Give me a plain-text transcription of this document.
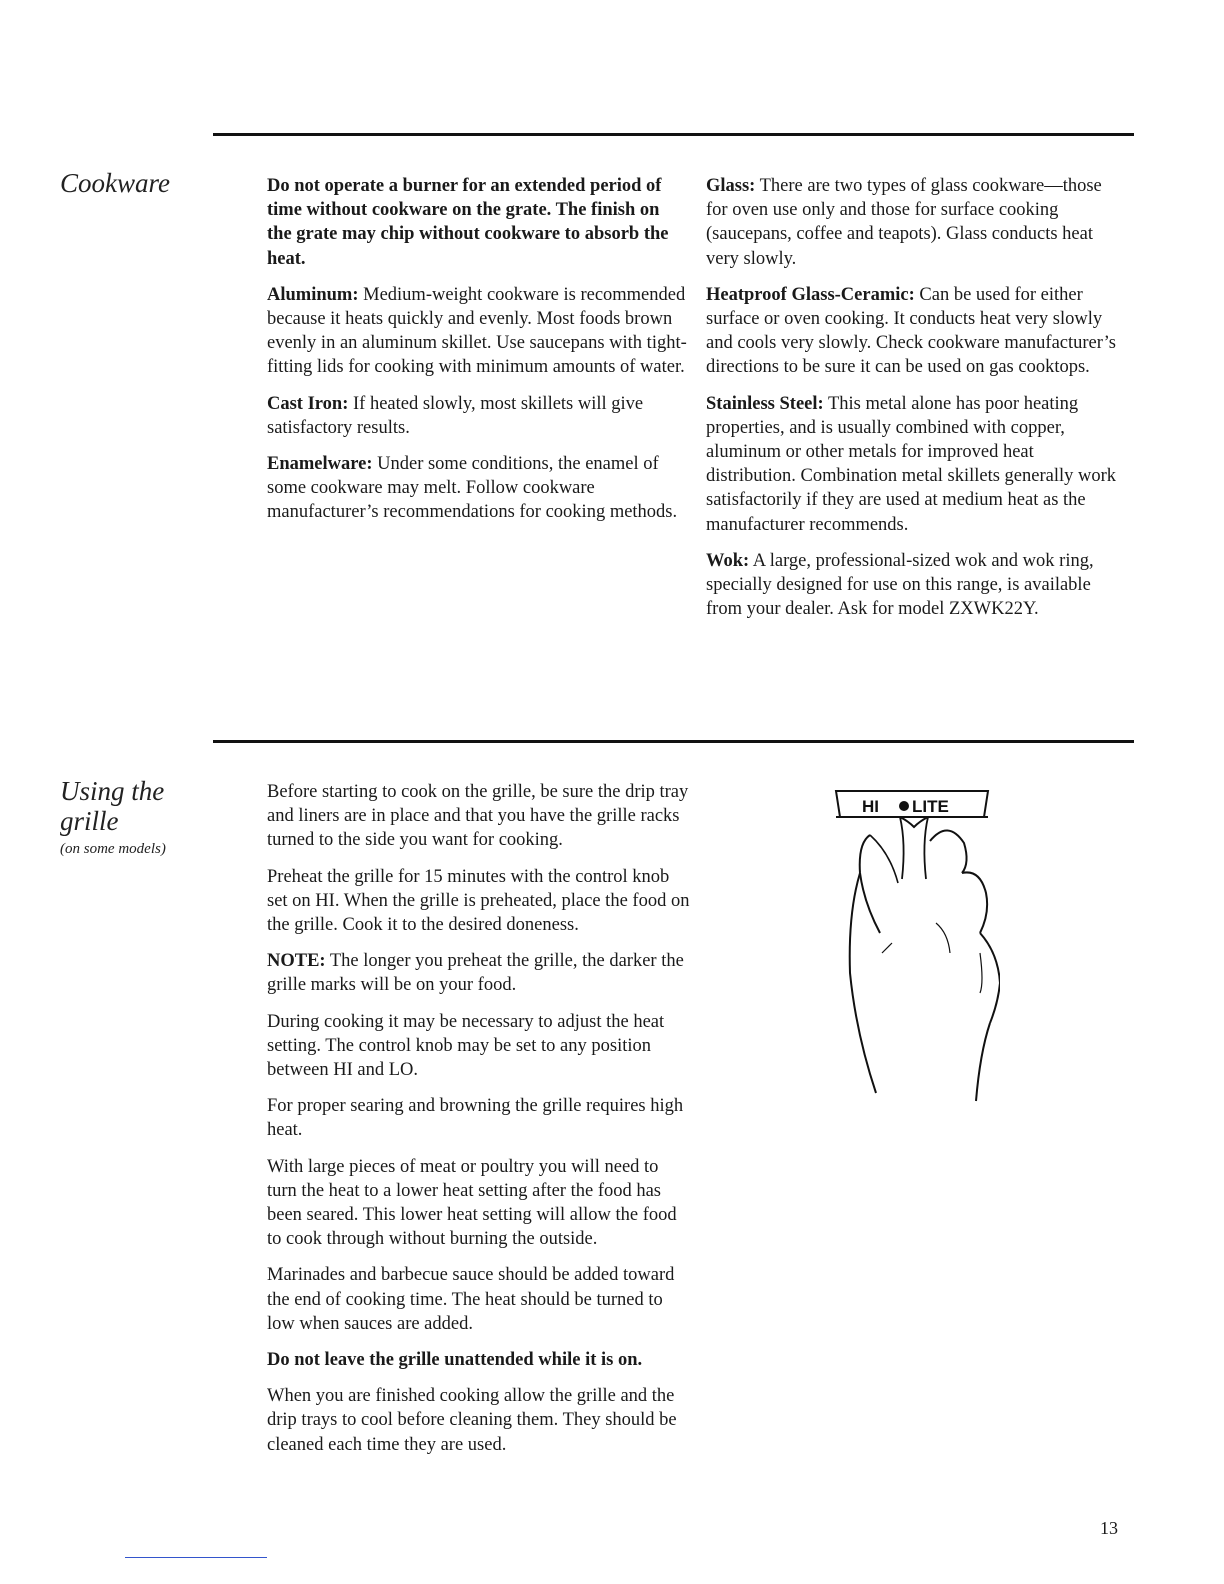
Cookware	Do not operate a burner for an extended period of time without cookware on the grate. The finish on the grate may chip without cookware to absorb the heat.

Aluminum: Medium-weight cookware is recommended because it heats quickly and evenly. Most foods brown evenly in an aluminum skillet. Use saucepans with tight-fitting lids for cooking with minimum amounts of water.

Cast Iron: If heated slowly, most skillets will give satisfactory results.

Enamelware: Under some conditions, the enamel of some cookware may melt. Follow cookware manufacturer’s recommendations for cooking methods.

Glass: There are two types of glass cookware—those for oven use only and those for surface cooking (saucepans, coffee and teapots). Glass conducts heat very slowly.

Heatproof Glass-Ceramic: Can be used for either surface or oven cooking. It conducts heat very slowly and cools very slowly. Check cookware manufacturer’s directions to be sure it can be used on gas cooktops.

Stainless Steel: This metal alone has poor heating properties, and is usually combined with copper, aluminum or other metals for improved heat distribution. Combination metal skillets generally work satisfactorily if they are used at medium heat as the manufacturer recommends.

Wok: A large, professional-sized wok and wok ring, specially designed for use on this range, is available from your dealer. Ask for model ZXWK22Y.

Using the
grille
(on some models)

Before starting to cook on the grille, be sure the drip tray and liners are in place and that you have the grille racks turned to the side you want for cooking.

Preheat the grille for 15 minutes with the control knob set on HI. When the grille is preheated, place the food on the grille. Cook it to the desired doneness.

NOTE: The longer you preheat the grille, the darker the grille marks will be on your food.

During cooking it may be necessary to adjust the heat setting. The control knob may be set to any position between HI and LO.

For proper searing and browning the grille requires high heat.

With large pieces of meat or poultry you will need to turn the heat to a lower heat setting after the food has been seared. This lower heat setting will allow the food to cook through without burning the outside.

Marinades and barbecue sauce should be added toward the end of cooking time. The heat should be turned to low when sauces are added.

Do not leave the grille unattended while it is on.

When you are finished cooking allow the grille and the drip trays to cool before cleaning them. They should be cleaned each time they are used.

HI LITE
13
